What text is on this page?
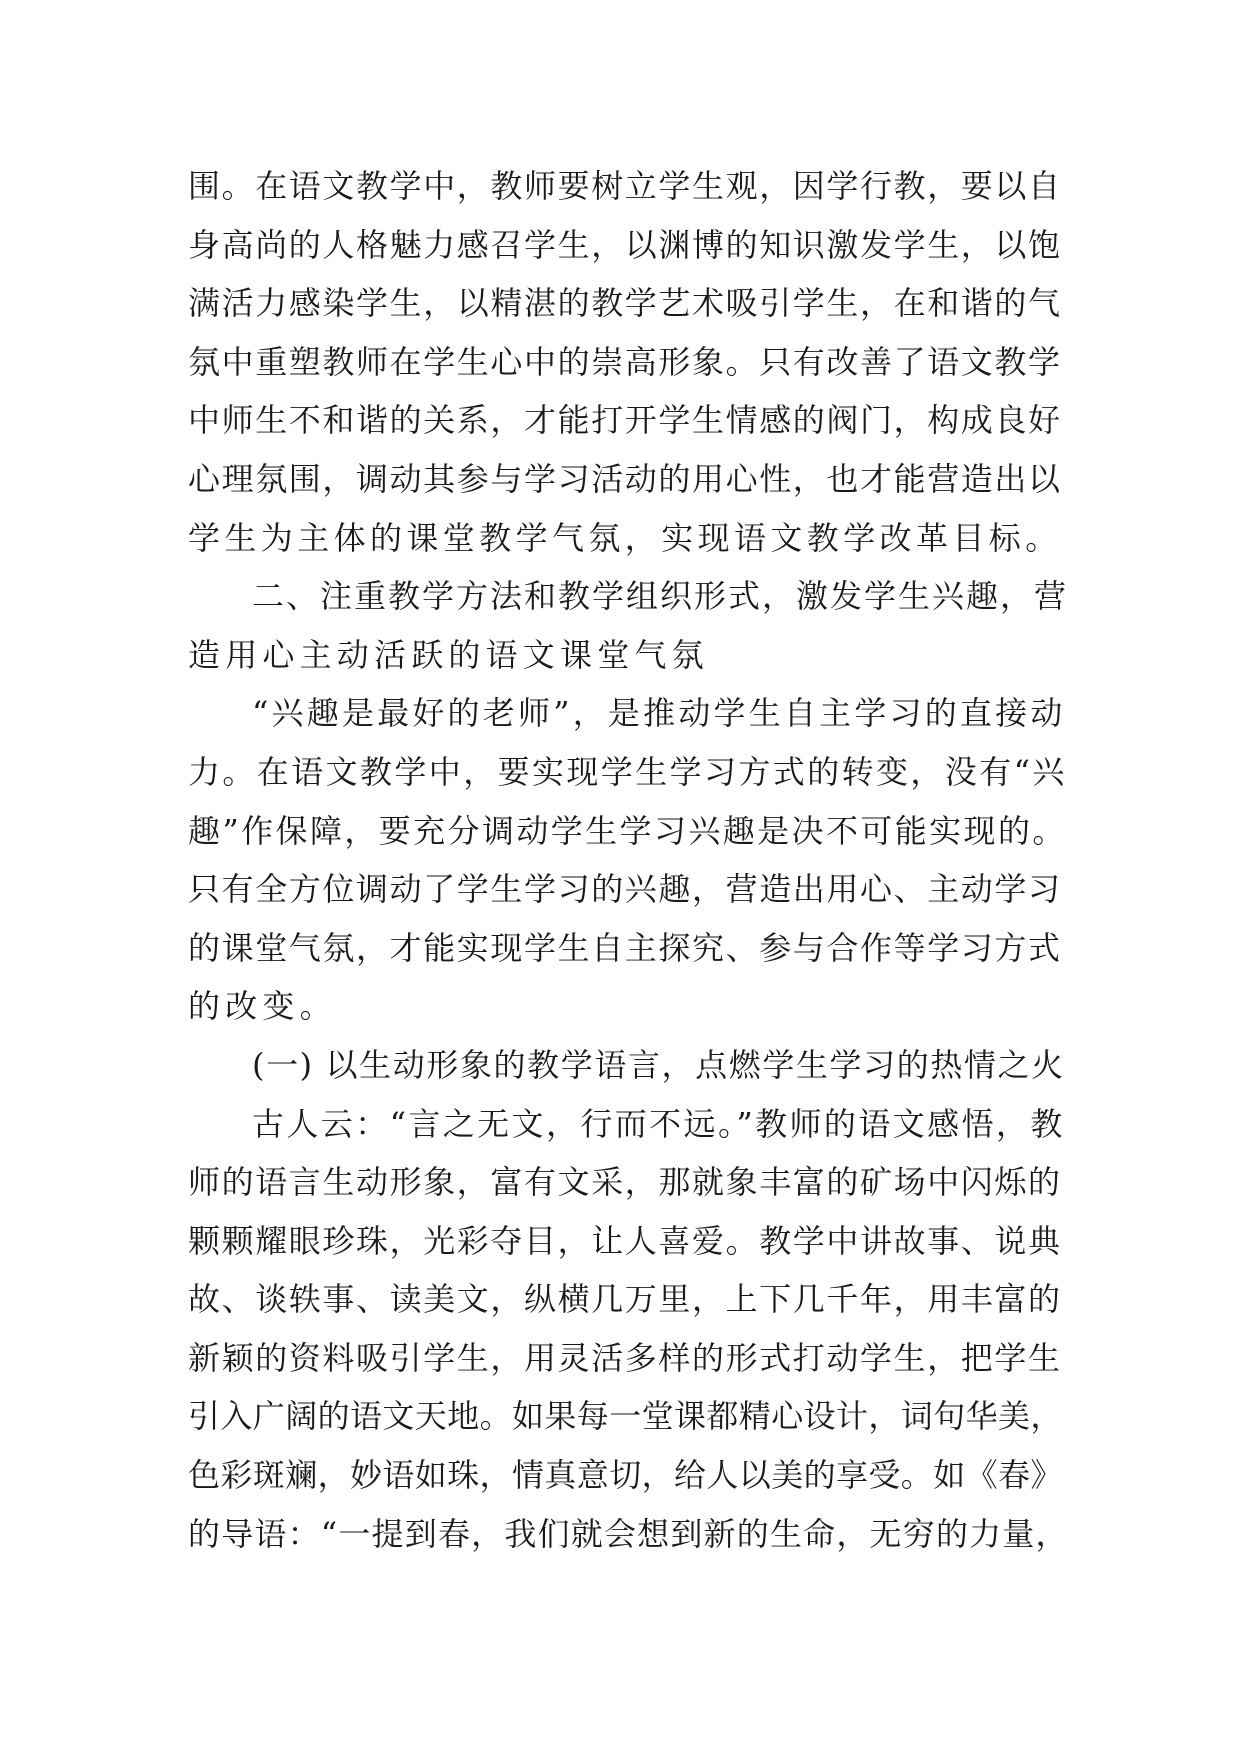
围。在语文教学中，教师要树立学生观，因学行教，要以自
身高尚的人格魅力感召学生，以渊博的知识激发学生，以饱
满活力感染学生，以精湛的教学艺术吸引学生，在和谐的气
氛中重塑教师在学生心中的崇高形象。只有改善了语文教学
中师生不和谐的关系，才能打开学生情感的阀门，构成良好
心理氛围，调动其参与学习活动的用心性，也才能营造出以
学生为主体的课堂教学气氛，实现语文教学改革目标。
二、注重教学方法和教学组织形式，激发学生兴趣，营
造用心主动活跃的语文课堂气氛
“兴趣是最好的老师”，是推动学生自主学习的直接动
力。在语文教学中，要实现学生学习方式的转变，没有“兴
趣”作保障，要充分调动学生学习兴趣是决不可能实现的。
只有全方位调动了学生学习的兴趣，营造出用心、主动学习
的课堂气氛，才能实现学生自主探究、参与合作等学习方式
的改变。
(一) 以生动形象的教学语言，点燃学生学习的热情之火
古人云：“言之无文，行而不远。”教师的语文感悟，教
师的语言生动形象，富有文采，那就象丰富的矿场中闪烁的
颗颗耀眼珍珠，光彩夺目，让人喜爱。教学中讲故事、说典
故、谈轶事、读美文，纵横几万里，上下几千年，用丰富的
新颖的资料吸引学生，用灵活多样的形式打动学生，把学生
引入广阔的语文天地。如果每一堂课都精心设计，词句华美，
色彩斑斓，妙语如珠，情真意切，给人以美的享受。如《春》
的导语：“一提到春，我们就会想到新的生命，无穷的力量，
